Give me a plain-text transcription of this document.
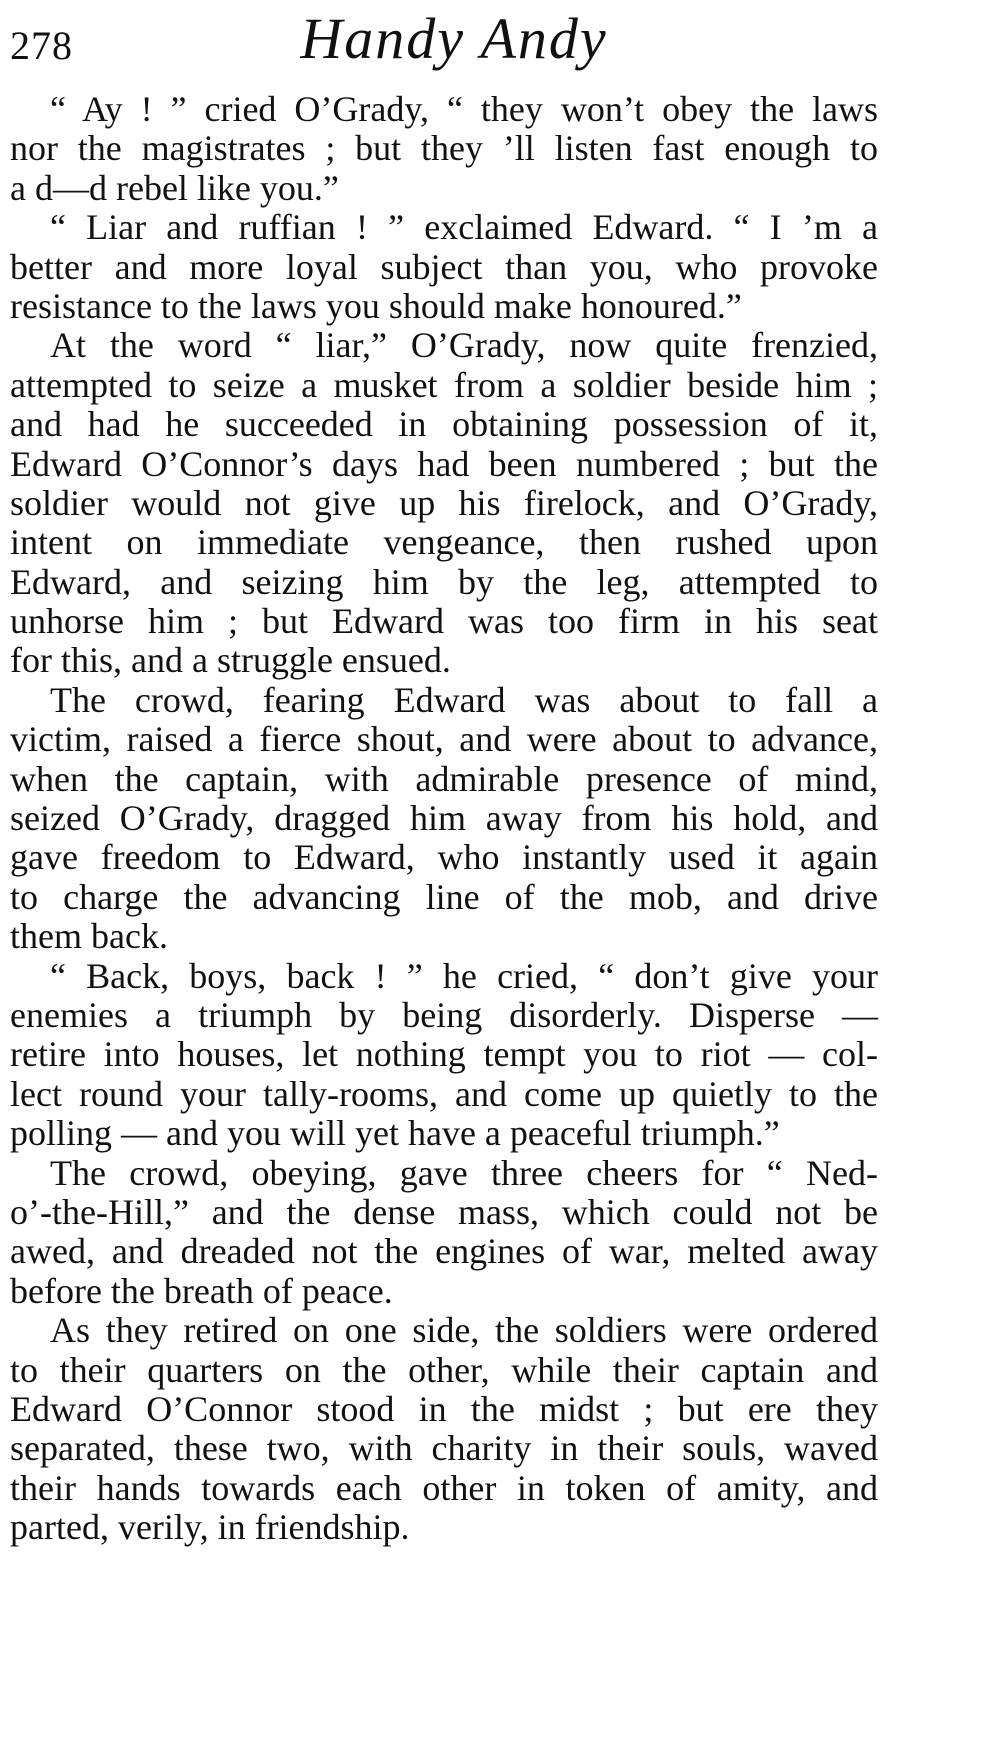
278	Handy Andy

“ Ay ! ” cried O’Grady, “ they won’t obey the laws
nor the magistrates ; but they ’ll listen fast enough to
a d—d rebel like you.”

“ Liar and ruffian ! ” exclaimed Edward. “ I ’m a
better and more loyal subject than you, who provoke
resistance to the laws you should make honoured.”

At the word “ liar,” O’Grady, now quite frenzied,
attempted to seize a musket from a soldier beside him ;
and had he succeeded in obtaining possession of it,
Edward O’Connor’s days had been numbered ; but the
soldier would not give up his firelock, and O’Grady,
intent on immediate vengeance, then rushed upon
Edward, and seizing him by the leg, attempted to
unhorse him ; but Edward was too firm in his seat
for this, and a struggle ensued.

The crowd, fearing Edward was about to fall a
victim, raised a fierce shout, and were about to advance,
when the captain, with admirable presence of mind,
seized O’Grady, dragged him away from his hold, and
gave freedom to Edward, who instantly used it again
to charge the advancing line of the mob, and drive
them back.

“ Back, boys, back ! ” he cried, “ don’t give your
enemies a triumph by being disorderly. Disperse —
retire into houses, let nothing tempt you to riot — col-
lect round your tally-rooms, and come up quietly to the
polling — and you will yet have a peaceful triumph.”

The crowd, obeying, gave three cheers for “ Ned-
o’-the-Hill,” and the dense mass, which could not be
awed, and dreaded not the engines of war, melted away
before the breath of peace.

As they retired on one side, the soldiers were ordered
to their quarters on the other, while their captain and
Edward O’Connor stood in the midst ; but ere they
separated, these two, with charity in their souls, waved
their hands towards each other in token of amity, and
parted, verily, in friendship.
